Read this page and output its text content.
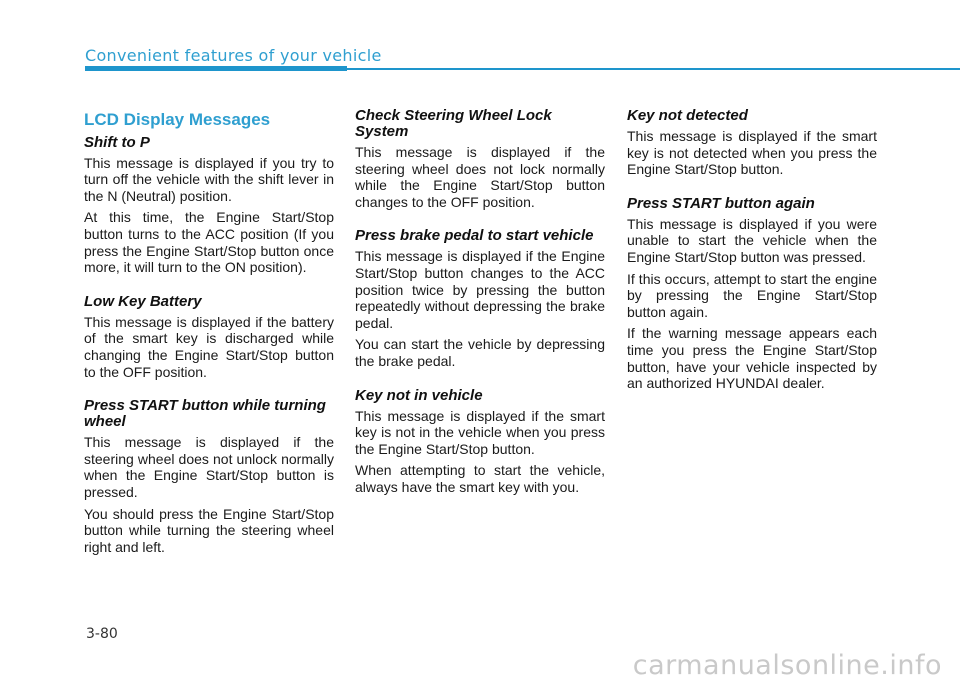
Convenient features of your vehicle
LCD Display Messages
Shift to P

This message is displayed if you try to turn off the vehicle with the shift lever in the N (Neutral) position.

At this time, the Engine Start/Stop button turns to the ACC position (If you press the Engine Start/Stop button once more, it will turn to the ON position).

Low Key Battery

This message is displayed if the battery of the smart key is discharged while changing the Engine Start/Stop button to the OFF position.

Press START button while turning wheel

This message is displayed if the steering wheel does not unlock normally when the Engine Start/Stop button is pressed.

You should press the Engine Start/Stop button while turning the steering wheel right and left.

Check Steering Wheel Lock System

This message is displayed if the steering wheel does not lock normally while the Engine Start/Stop button changes to the OFF position.

Press brake pedal to start vehicle

This message is displayed if the Engine Start/Stop button changes to the ACC position twice by pressing the button repeatedly without depressing the brake pedal.

You can start the vehicle by depressing the brake pedal.

Key not in vehicle

This message is displayed if the smart key is not in the vehicle when you press the Engine Start/Stop button.

When attempting to start the vehicle, always have the smart key with you.

Key not detected

This message is displayed if the smart key is not detected when you press the Engine Start/Stop button.

Press START button again

This message is displayed if you were unable to start the vehicle when the Engine Start/Stop button was pressed.

If this occurs, attempt to start the engine by pressing the Engine Start/Stop button again.

If the warning message appears each time you press the Engine Start/Stop button, have your vehicle inspected by an authorized HYUNDAI dealer.

3-80
carmanualsonline.info
